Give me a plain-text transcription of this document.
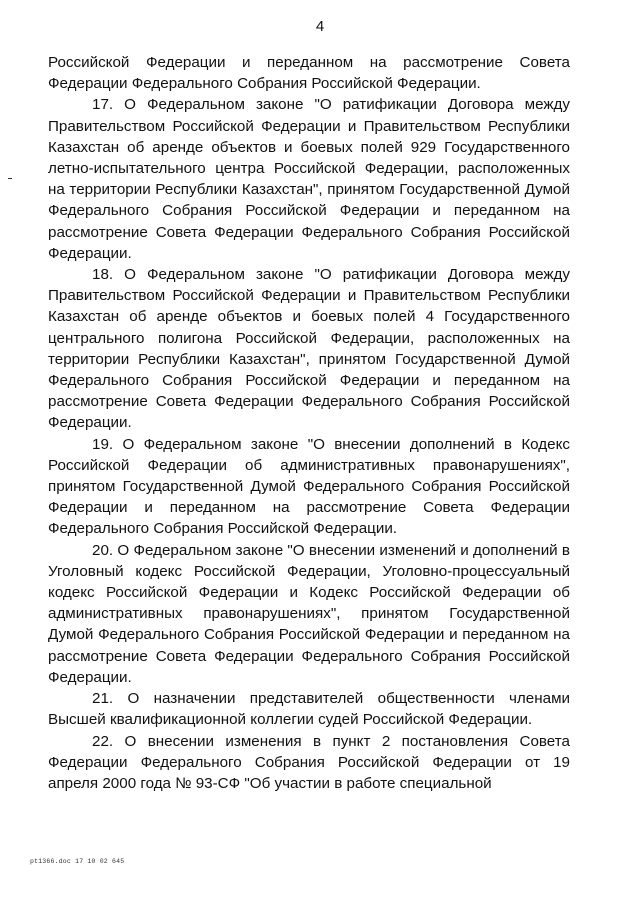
4

Российской Федерации и переданном на рассмотрение Совета Федерации Федерального Собрания Российской Федерации.

17. О Федеральном законе "О ратификации Договора между Правительством Российской Федерации и Правительством Республики Казахстан об аренде объектов и боевых полей 929 Государственного летно-испытательного центра Российской Федерации, расположенных на территории Республики Казахстан", принятом Государственной Думой Федерального Собрания Российской Федерации и переданном на рассмотрение Совета Федерации Федерального Собрания Российской Федерации.

18. О Федеральном законе "О ратификации Договора между Правительством Российской Федерации и Правительством Республики Казахстан об аренде объектов и боевых полей 4 Государственного центрального полигона Российской Федерации, расположенных на территории Республики Казахстан", принятом Государственной Думой Федерального Собрания Российской Федерации и переданном на рассмотрение Совета Федерации Федерального Собрания Российской Федерации.

19. О Федеральном законе "О внесении дополнений в Кодекс Российской Федерации об административных правонарушениях", принятом Государственной Думой Федерального Собрания Российской Федерации и переданном на рассмотрение Совета Федерации Федерального Собрания Российской Федерации.

20. О Федеральном законе "О внесении изменений и дополнений в Уголовный кодекс Российской Федерации, Уголовно-процессуальный кодекс Российской Федерации и Кодекс Российской Федерации об административных правонарушениях", принятом Государственной Думой Федерального Собрания Российской Федерации и переданном на рассмотрение Совета Федерации Федерального Собрания Российской Федерации.

21. О назначении представителей общественности членами Высшей квалификационной коллегии судей Российской Федерации.

22. О внесении изменения в пункт 2 постановления Совета Федерации Федерального Собрания Российской Федерации от 19 апреля 2000 года № 93-СФ "Об участии в работе специальной

pt1366.doc 17 10 02 645
